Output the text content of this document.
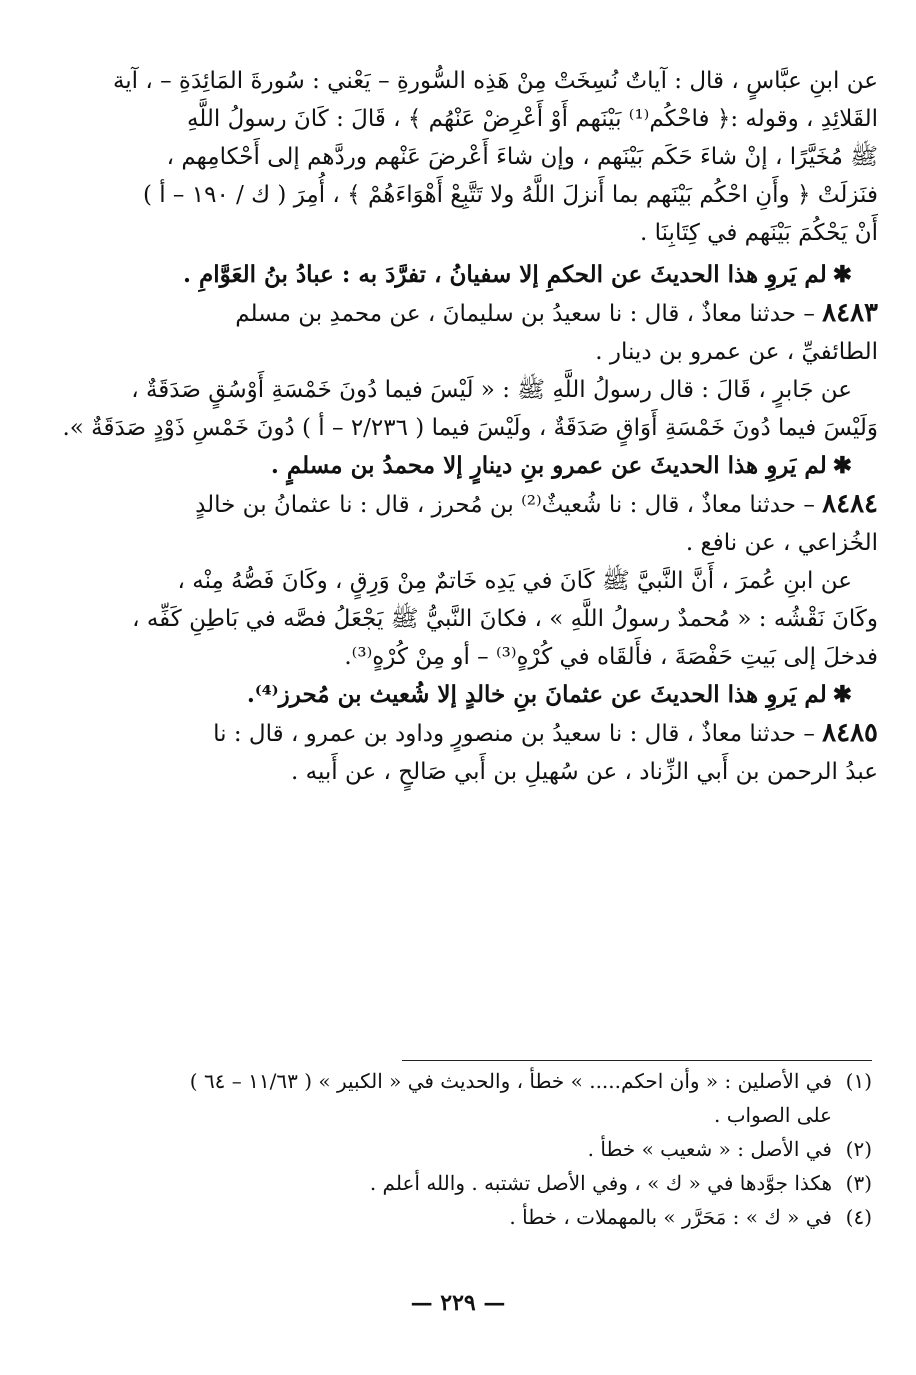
عن ابنِ عبَّاسٍ ، قال : آياتٌ نُسِخَتْ مِنْ هَذِه السُّورةِ – يَعْني : سُورةَ المَائِدَةِ – ، آية

القَلائِدِ ، وقوله :﴿ فاحْكُم⁽¹⁾ بَيْنَهم أَوْ أَعْرِضْ عَنْهُم ﴾ ، قَالَ : كَانَ رسولُ اللَّهِ

ﷺ مُخَيَّرًا ، إنْ شاءَ حَكَم بَيْنَهم ، وإن شاءَ أَعْرضَ عَنْهم وردَّهم إلى أَحْكامِهم ،

فنَزلَتْ ﴿ وأَنِ احْكُم بَيْنَهم بما أَنزلَ اللَّهُ ولا تَتَّبِعْ أَهْوَاءَهُمْ ﴾ ، أُمِرَ ( ك / ١٩٠ – أ )

أَنْ يَحْكُمَ بَيْنَهم في كِتَابِنَا .

✱لم يَروِ هذا الحديثَ عن الحكمِ إلا سفيانُ ، تفرَّدَ به : عبادُ بنُ العَوَّامِ .

٨٤٨٣ – حدثنا معاذٌ ، قال : نا سعيدُ بن سليمانَ ، عن محمدِ بن مسلم

الطائفيِّ ، عن عمرو بن دينار .

عن جَابرٍ ، قَالَ : قال رسولُ اللَّهِ ﷺ : « لَيْسَ فيما دُونَ خَمْسَةِ أَوْسُقٍ صَدَقَةٌ ،

وَلَيْسَ فيما دُونَ خَمْسَةِ أَوَاقٍ صَدَقَةٌ ، ولَيْسَ فيما ( ٢/٢٣٦ – أ ) دُونَ خَمْسِ ذَوْدٍ صَدَقَةٌ ».

✱لم يَروِ هذا الحديثَ عن عمرو بنِ دينارٍ إلا محمدُ بن مسلمٍ .

٨٤٨٤ – حدثنا معاذٌ ، قال : نا شُعيثٌ⁽²⁾ بن مُحرز ، قال : نا عثمانُ بن خالدٍ

الخُزاعي ، عن نافع .

عن ابنِ عُمرَ ، أَنَّ النَّبيَّ ﷺ كَانَ في يَدِه خَاتمٌ مِنْ وَرِقٍ ، وكَانَ فَصُّهُ مِنْه ،

وكَانَ نَقْشُه : « مُحمدٌ رسولُ اللَّهِ » ، فكانَ النَّبيُّ ﷺ يَجْعَلُ فصَّه في بَاطِنِ كَفِّه ،

فدخلَ إلى بَيتِ حَفْصَةَ ، فأَلقَاه في كُرْهٍ⁽³⁾ – أو مِنْ كُرْهٍ⁽³⁾.

✱لم يَروِ هذا الحديثَ عن عثمانَ بنِ خالدٍ إلا شُعيث بن مُحرز⁽⁴⁾.

٨٤٨٥ – حدثنا معاذٌ ، قال : نا سعيدُ بن منصورٍ وداود بن عمرو ، قال : نا

عبدُ الرحمن بن أَبي الزِّناد ، عن سُهيلِ بن أَبي صَالحٍ ، عن أَبيه .

(١)
في الأصلين : « وأن احكم..... » خطأ ، والحديث في « الكبير » ( ١١/٦٣ – ٦٤ )
على الصواب .
(٢)
في الأصل : « شعيب » خطأ .
(٣)
هكذا جوَّدها في « ك » ، وفي الأصل تشتبه . والله أعلم .
(٤)
في « ك » : مَحَرَّر » بالمهملات ، خطأ .
— ٢٢٩ —
